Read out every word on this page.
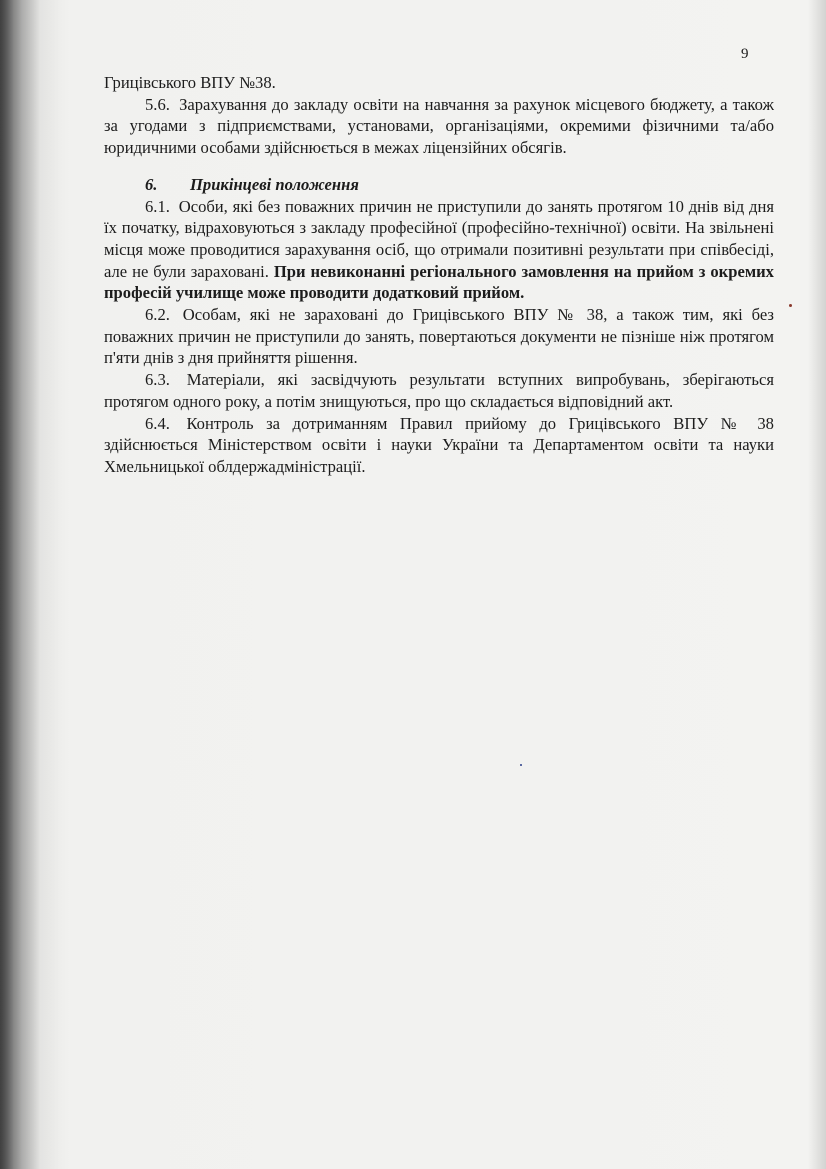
9

Грицівського ВПУ №38.

5.6. Зарахування до закладу освіти на навчання за рахунок місцевого бюджету, а також за угодами з підприємствами, установами, організаціями, окремими фізичними та/або юридичними особами здійснюється в межах ліцензійних обсягів.

6. Прикінцеві положення

6.1. Особи, які без поважних причин не приступили до занять протягом 10 днів від дня їх початку, відраховуються з закладу професійної (професійно-технічної) освіти. На звільнені місця може проводитися зарахування осіб, що отримали позитивні результати при співбесіді, але не були зараховані. При невиконанні регіонального замовлення на прийом з окремих професій училище може проводити додатковий прийом.

6.2. Особам, які не зараховані до Грицівського ВПУ № 38, а також тим, які без поважних причин не приступили до занять, повертаються документи не пізніше ніж протягом п'яти днів з дня прийняття рішення.

6.3. Матеріали, які засвідчують результати вступних випробувань, зберігаються протягом одного року, а потім знищуються, про що складається відповідний акт.

6.4. Контроль за дотриманням Правил прийому до Грицівського ВПУ № 38 здійснюється Міністерством освіти і науки України та Департаментом освіти та науки Хмельницької облдержадміністрації.
